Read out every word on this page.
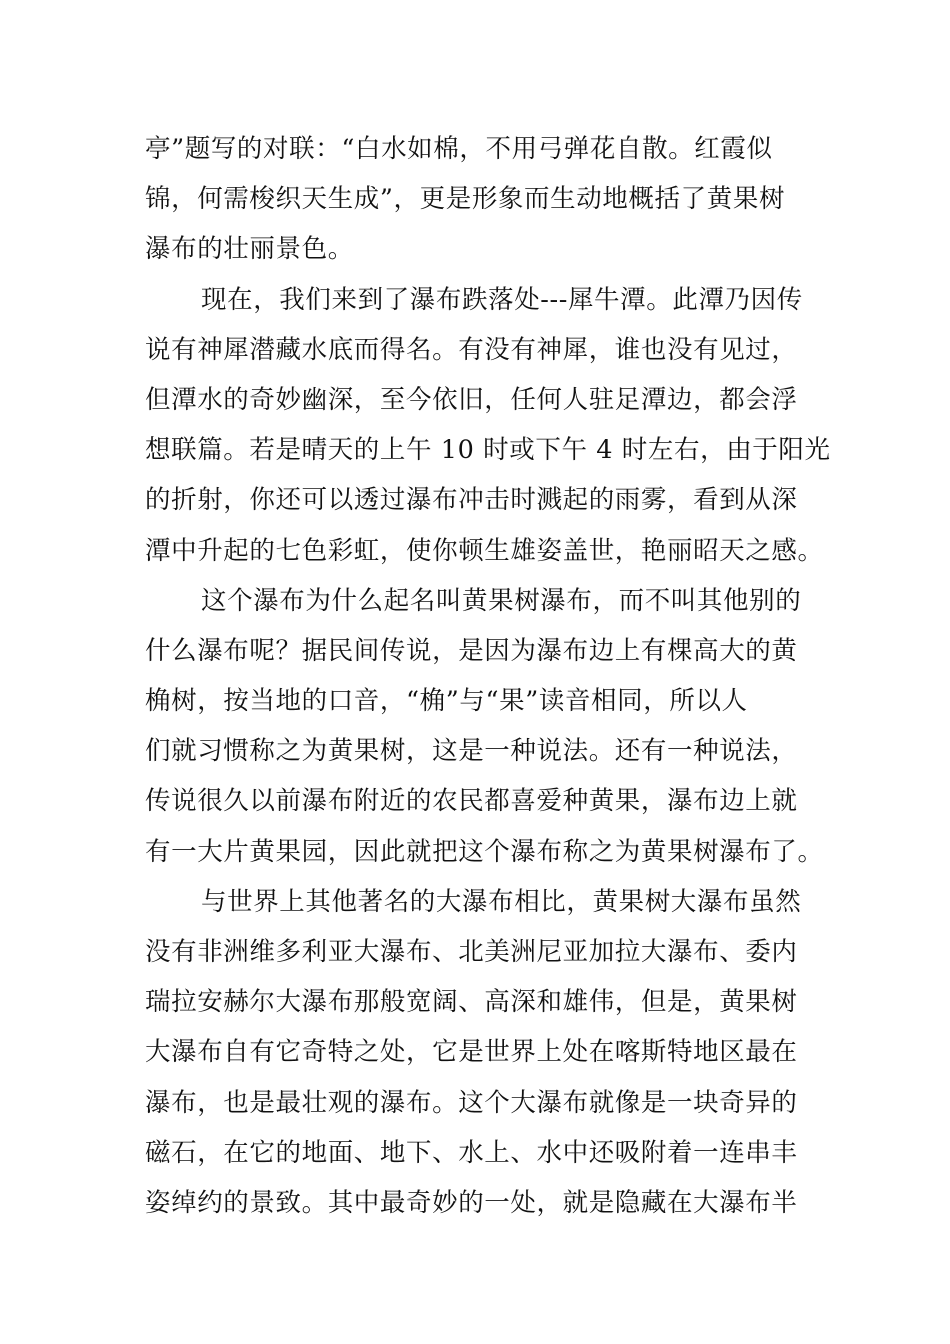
亭”题写的对联：“白水如棉，不用弓弹花自散。红霞似
锦，何需梭织天生成”，更是形象而生动地概括了黄果树
瀑布的壮丽景色。
现在，我们来到了瀑布跌落处---犀牛潭。此潭乃因传
说有神犀潜藏水底而得名。有没有神犀，谁也没有见过，
但潭水的奇妙幽深，至今依旧，任何人驻足潭边，都会浮
想联篇。若是晴天的上午 10 时或下午 4 时左右，由于阳光
的折射，你还可以透过瀑布冲击时溅起的雨雾，看到从深
潭中升起的七色彩虹，使你顿生雄姿盖世，艳丽昭天之感。
这个瀑布为什么起名叫黄果树瀑布，而不叫其他别的
什么瀑布呢？据民间传说，是因为瀑布边上有棵高大的黄
桷树，按当地的口音，“桷”与“果”读音相同，所以人
们就习惯称之为黄果树，这是一种说法。还有一种说法，
传说很久以前瀑布附近的农民都喜爱种黄果，瀑布边上就
有一大片黄果园，因此就把这个瀑布称之为黄果树瀑布了。
与世界上其他著名的大瀑布相比，黄果树大瀑布虽然
没有非洲维多利亚大瀑布、北美洲尼亚加拉大瀑布、委内
瑞拉安赫尔大瀑布那般宽阔、高深和雄伟，但是，黄果树
大瀑布自有它奇特之处，它是世界上处在喀斯特地区最在
瀑布，也是最壮观的瀑布。这个大瀑布就像是一块奇异的
磁石，在它的地面、地下、水上、水中还吸附着一连串丰
姿绰约的景致。其中最奇妙的一处，就是隐藏在大瀑布半
